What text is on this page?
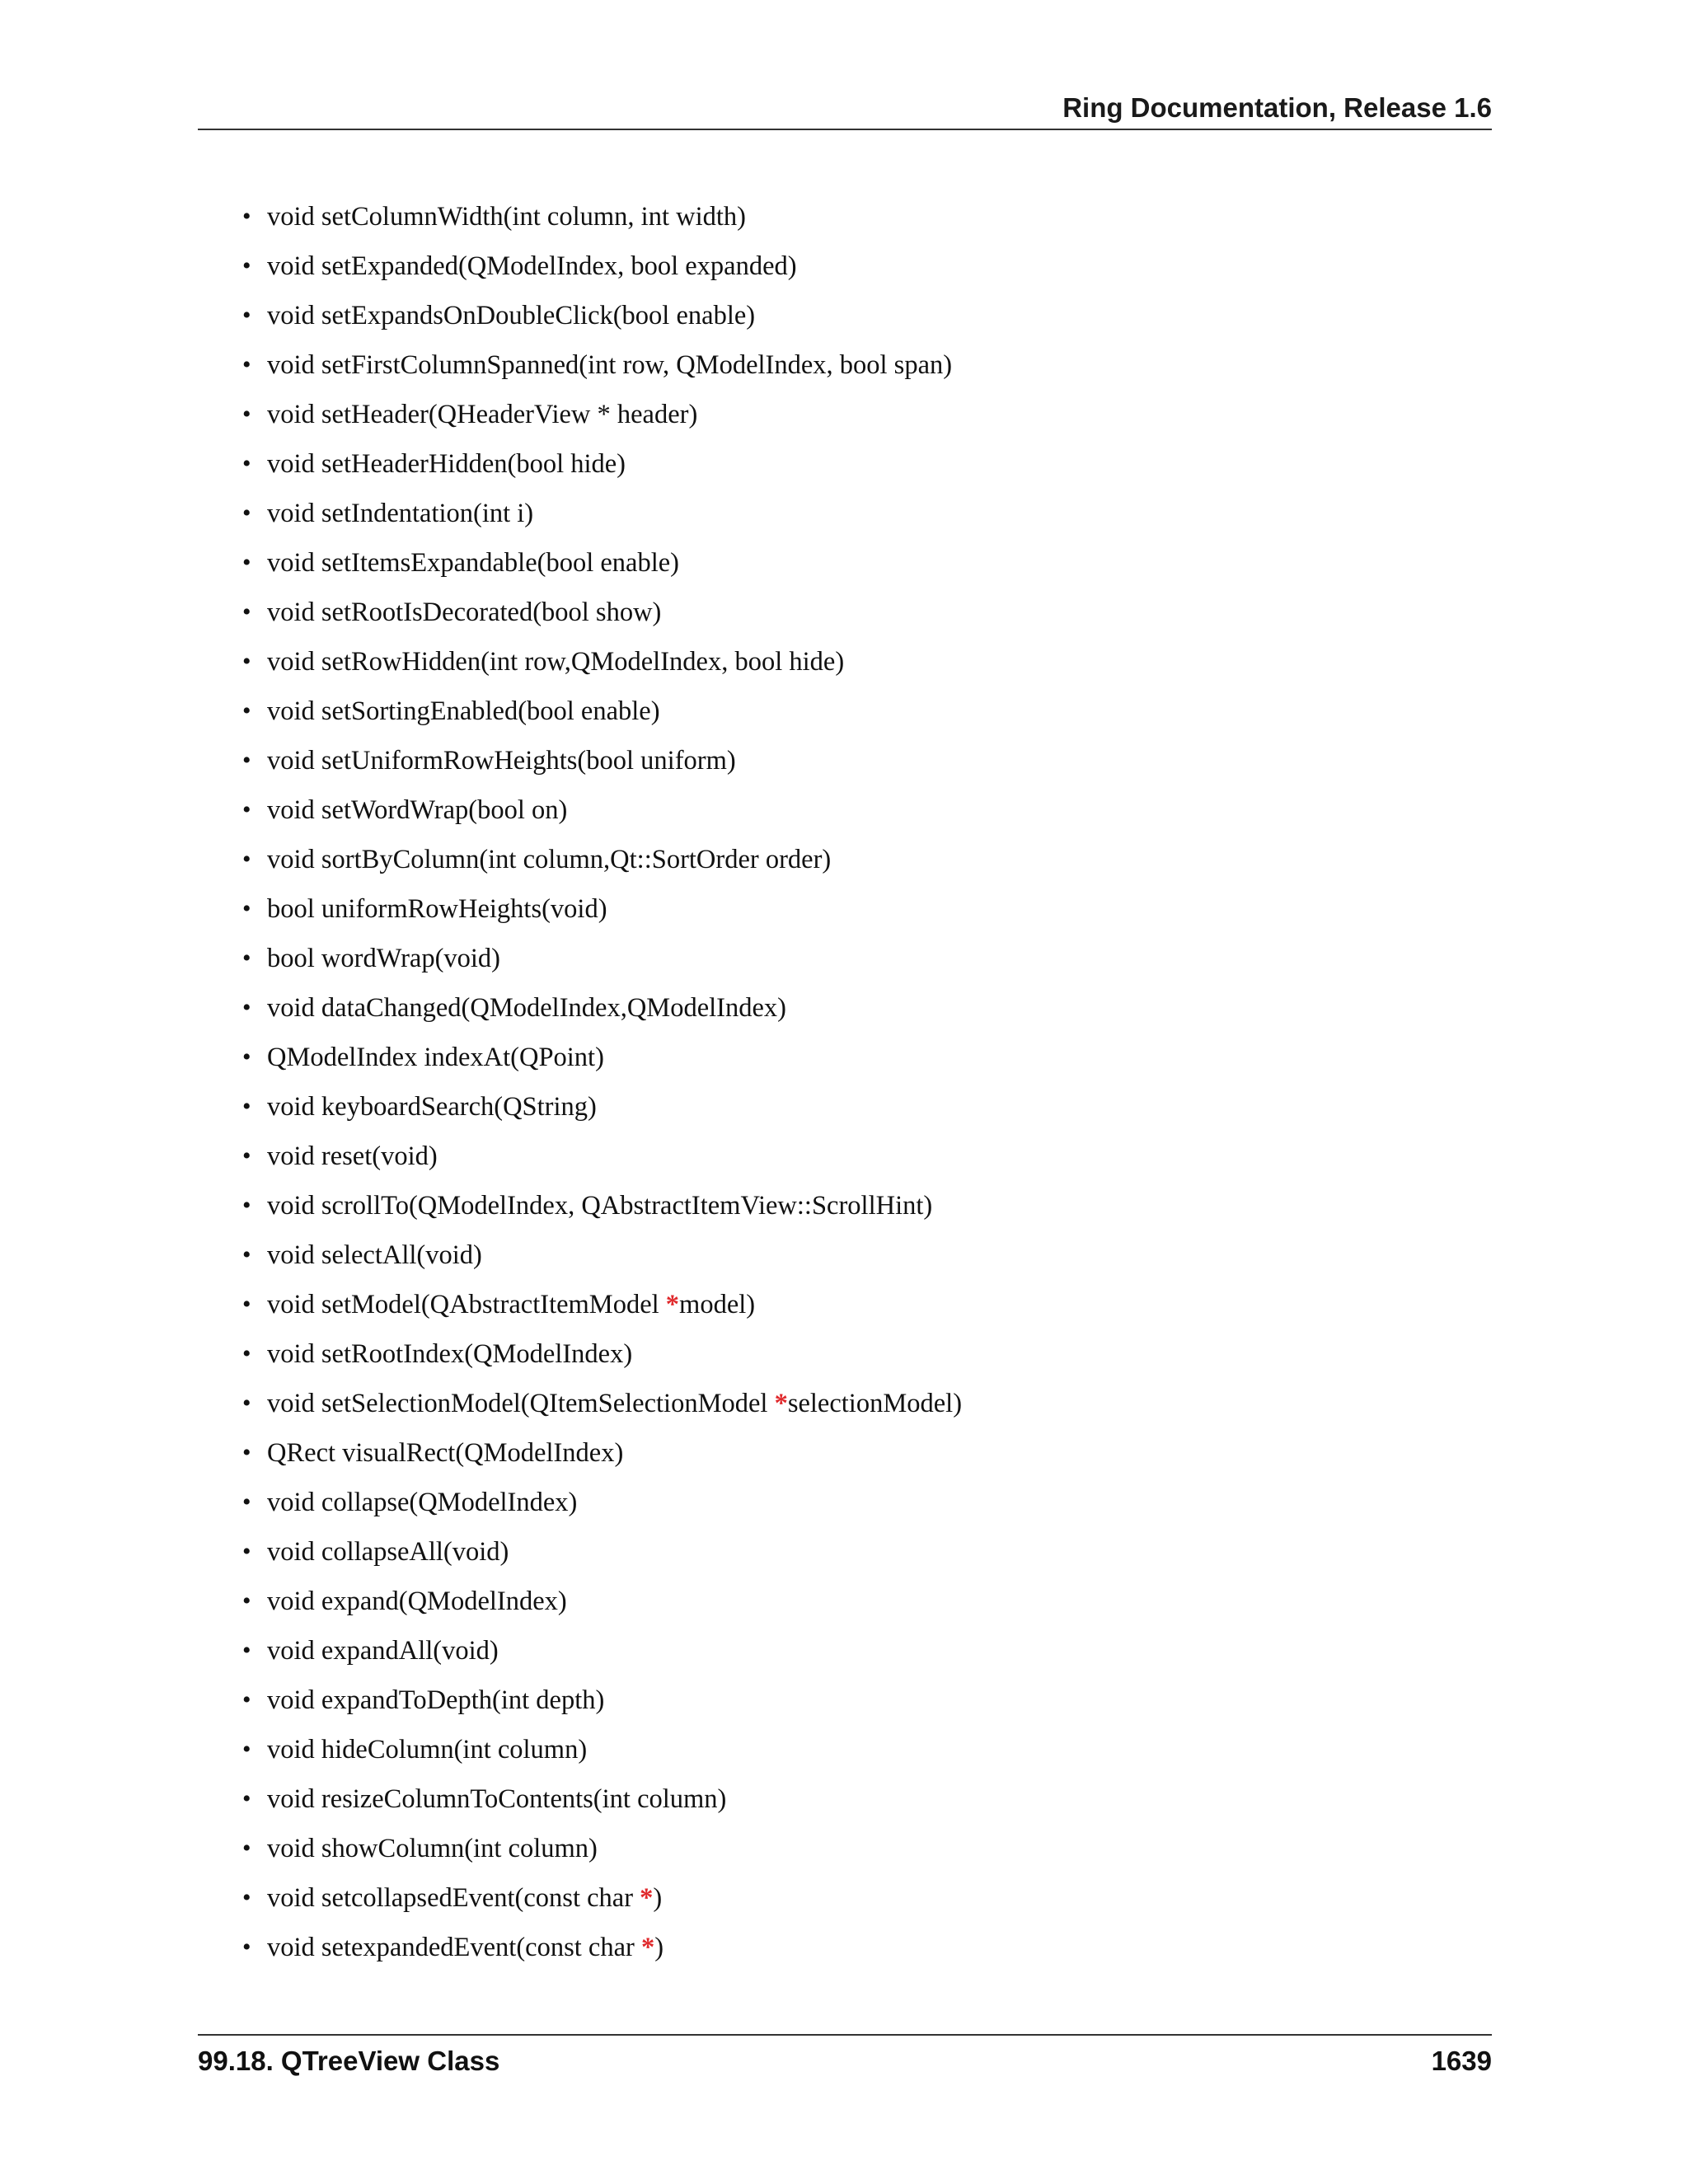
Ring Documentation, Release 1.6
• void setColumnWidth(int column, int width)
• void setExpanded(QModelIndex, bool expanded)
• void setExpandsOnDoubleClick(bool enable)
• void setFirstColumnSpanned(int row, QModelIndex, bool span)
• void setHeader(QHeaderView * header)
• void setHeaderHidden(bool hide)
• void setIndentation(int i)
• void setItemsExpandable(bool enable)
• void setRootIsDecorated(bool show)
• void setRowHidden(int row,QModelIndex, bool hide)
• void setSortingEnabled(bool enable)
• void setUniformRowHeights(bool uniform)
• void setWordWrap(bool on)
• void sortByColumn(int column,Qt::SortOrder order)
• bool uniformRowHeights(void)
• bool wordWrap(void)
• void dataChanged(QModelIndex,QModelIndex)
• QModelIndex indexAt(QPoint)
• void keyboardSearch(QString)
• void reset(void)
• void scrollTo(QModelIndex, QAbstractItemView::ScrollHint)
• void selectAll(void)
• void setModel(QAbstractItemModel *model)
• void setRootIndex(QModelIndex)
• void setSelectionModel(QItemSelectionModel *selectionModel)
• QRect visualRect(QModelIndex)
• void collapse(QModelIndex)
• void collapseAll(void)
• void expand(QModelIndex)
• void expandAll(void)
• void expandToDepth(int depth)
• void hideColumn(int column)
• void resizeColumnToContents(int column)
• void showColumn(int column)
• void setcollapsedEvent(const char *)
• void setexpandedEvent(const char *)
99.18. QTreeView Class	1639
